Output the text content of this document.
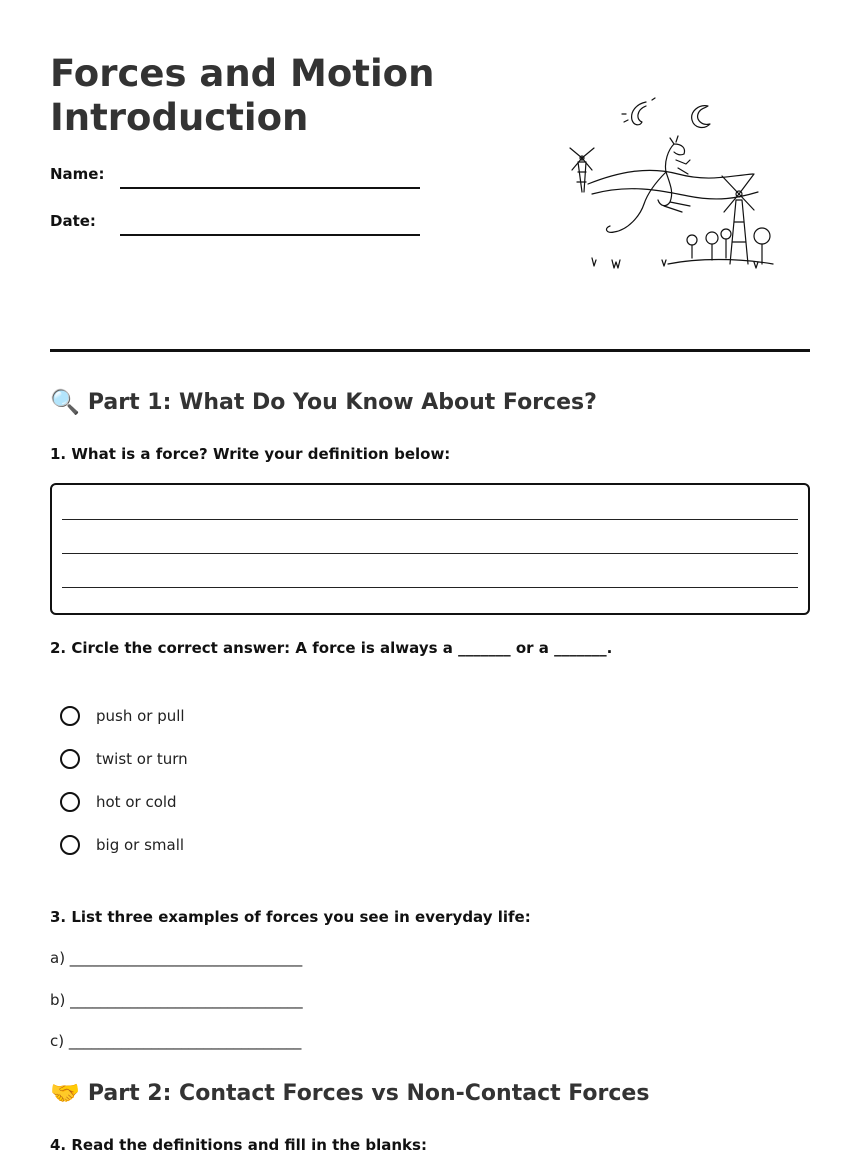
Forces and Motion
Introduction
Name:
Date:
🔍 Part 1: What Do You Know About Forces?
1. What is a force? Write your definition below:
2. Circle the correct answer: A force is always a _______ or a _______.
push or pull
twist or turn
hot or cold
big or small
3. List three examples of forces you see in everyday life:
a) _______________________________
b) _______________________________
c) _______________________________
🤝 Part 2: Contact Forces vs Non-Contact Forces
4. Read the definitions and fill in the blanks:
